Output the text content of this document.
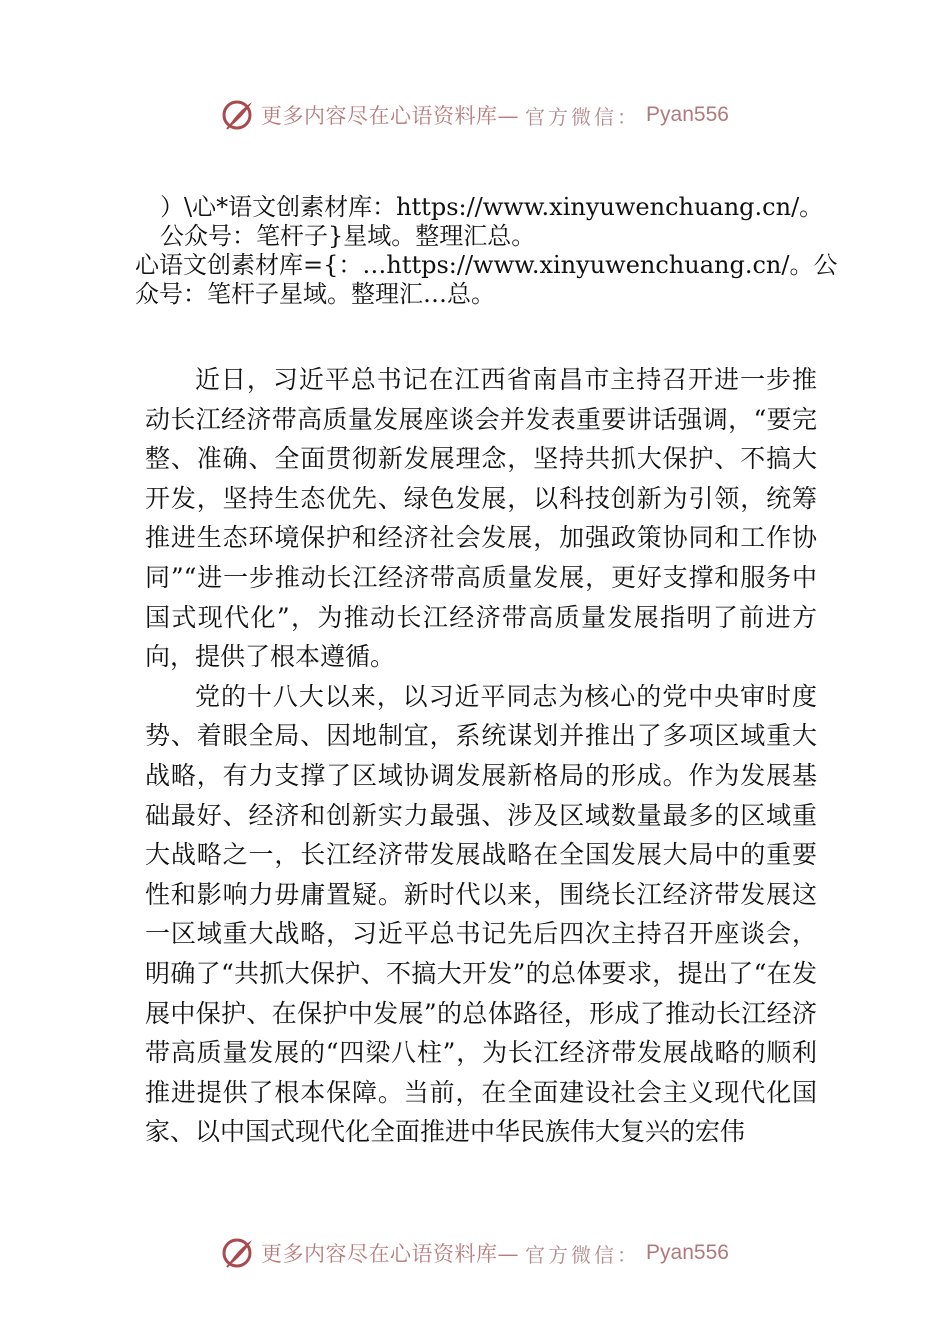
更多内容尽在心语资料库— 官方微信： Pyan556
）\心*语文创素材库：https://www.xinyuwenchuang.cn/。
公众号：笔杆子}星域。整理汇总。
心语文创素材库={：…https://www.xinyuwenchuang.cn/。公
众号：笔杆子星域。整理汇…总。

近日，习近平总书记在江西省南昌市主持召开进一步推动长江经济带高质量发展座谈会并发表重要讲话强调，“要完整、准确、全面贯彻新发展理念，坚持共抓大保护、不搞大开发，坚持生态优先、绿色发展，以科技创新为引领，统筹推进生态环境保护和经济社会发展，加强政策协同和工作协同”“进一步推动长江经济带高质量发展，更好支撑和服务中国式现代化”，为推动长江经济带高质量发展指明了前进方向，提供了根本遵循。

党的十八大以来，以习近平同志为核心的党中央审时度势、着眼全局、因地制宜，系统谋划并推出了多项区域重大战略，有力支撑了区域协调发展新格局的形成。作为发展基础最好、经济和创新实力最强、涉及区域数量最多的区域重大战略之一，长江经济带发展战略在全国发展大局中的重要性和影响力毋庸置疑。新时代以来，围绕长江经济带发展这一区域重大战略，习近平总书记先后四次主持召开座谈会， 明确了“共抓大保护、不搞大开发”的总体要求，提出了“在发展中保护、在保护中发展”的总体路径，形成了推动长江经济带高质量发展的“四梁八柱”，为长江经济带发展战略的顺利推进提供了根本保障。当前，在全面建设社会主义现代化国家、以中国式现代化全面推进中华民族伟大复兴的宏伟

更多内容尽在心语资料库— 官方微信： Pyan556
